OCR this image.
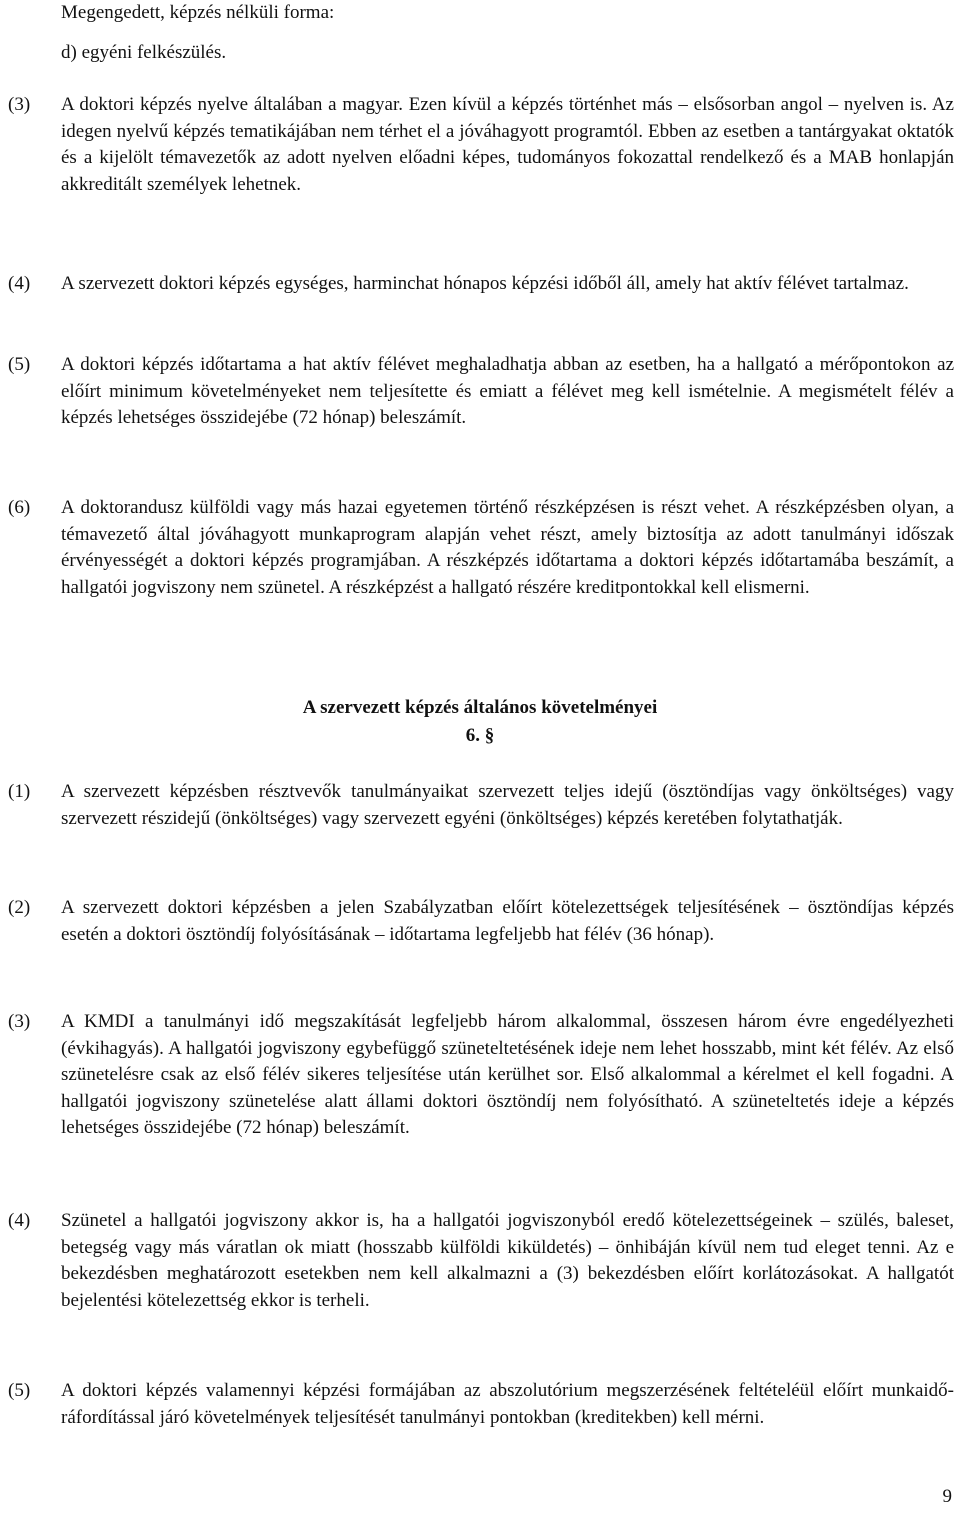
Megengedett, képzés nélküli forma:

d) egyéni felkészülés.

(3) A doktori képzés nyelve általában a magyar. Ezen kívül a képzés történhet más – elsősorban angol – nyelven is. Az idegen nyelvű képzés tematikájában nem térhet el a jóváhagyott programtól. Ebben az esetben a tantárgyakat oktatók és a kijelölt témavezetők az adott nyelven előadni képes, tudományos fokozattal rendelkező és a MAB honlapján akkreditált személyek lehetnek.

(4) A szervezett doktori képzés egységes, harminchat hónapos képzési időből áll, amely hat aktív félévet tartalmaz.

(5) A doktori képzés időtartama a hat aktív félévet meghaladhatja abban az esetben, ha a hallgató a mérőpontokon az előírt minimum követelményeket nem teljesítette és emiatt a félévet meg kell ismételnie. A megismételt félév a képzés lehetséges összidejébe (72 hónap) beleszámít.

(6) A doktorandusz külföldi vagy más hazai egyetemen történő részképzésen is részt vehet. A részképzésben olyan, a témavezető által jóváhagyott munkaprogram alapján vehet részt, amely biztosítja az adott tanulmányi időszak érvényességét a doktori képzés programjában. A részképzés időtartama a doktori képzés időtartamába beszámít, a hallgatói jogviszony nem szünetel. A részképzést a hallgató részére kreditpontokkal kell elismerni.

A szervezett képzés általános követelményei

6. §

(1) A szervezett képzésben résztvevők tanulmányaikat szervezett teljes idejű (ösztöndíjas vagy önköltséges) vagy szervezett részidejű (önköltséges) vagy szervezett egyéni (önköltséges) képzés keretében folytathatják.

(2) A szervezett doktori képzésben a jelen Szabályzatban előírt kötelezettségek teljesítésének – ösztöndíjas képzés esetén a doktori ösztöndíj folyósításának – időtartama legfeljebb hat félév (36 hónap).

(3) A KMDI a tanulmányi idő megszakítását legfeljebb három alkalommal, összesen három évre engedélyezheti (évkihagyás). A hallgatói jogviszony egybefüggő szüneteltetésének ideje nem lehet hosszabb, mint két félév. Az első szünetelésre csak az első félév sikeres teljesítése után kerülhet sor. Első alkalommal a kérelmet el kell fogadni. A hallgatói jogviszony szünetelése alatt állami doktori ösztöndíj nem folyósítható. A szüneteltetés ideje a képzés lehetséges összidejébe (72 hónap) beleszámít.

(4) Szünetel a hallgatói jogviszony akkor is, ha a hallgatói jogviszonyból eredő kötelezettségeinek – szülés, baleset, betegség vagy más váratlan ok miatt (hosszabb külföldi kiküldetés) – önhibáján kívül nem tud eleget tenni. Az e bekezdésben meghatározott esetekben nem kell alkalmazni a (3) bekezdésben előírt korlátozásokat. A hallgatót bejelentési kötelezettség ekkor is terheli.

(5) A doktori képzés valamennyi képzési formájában az abszolutórium megszerzésének feltételéül előírt munkaidő-ráfordítással járó követelmények teljesítését tanulmányi pontokban (kreditekben) kell mérni.

9
